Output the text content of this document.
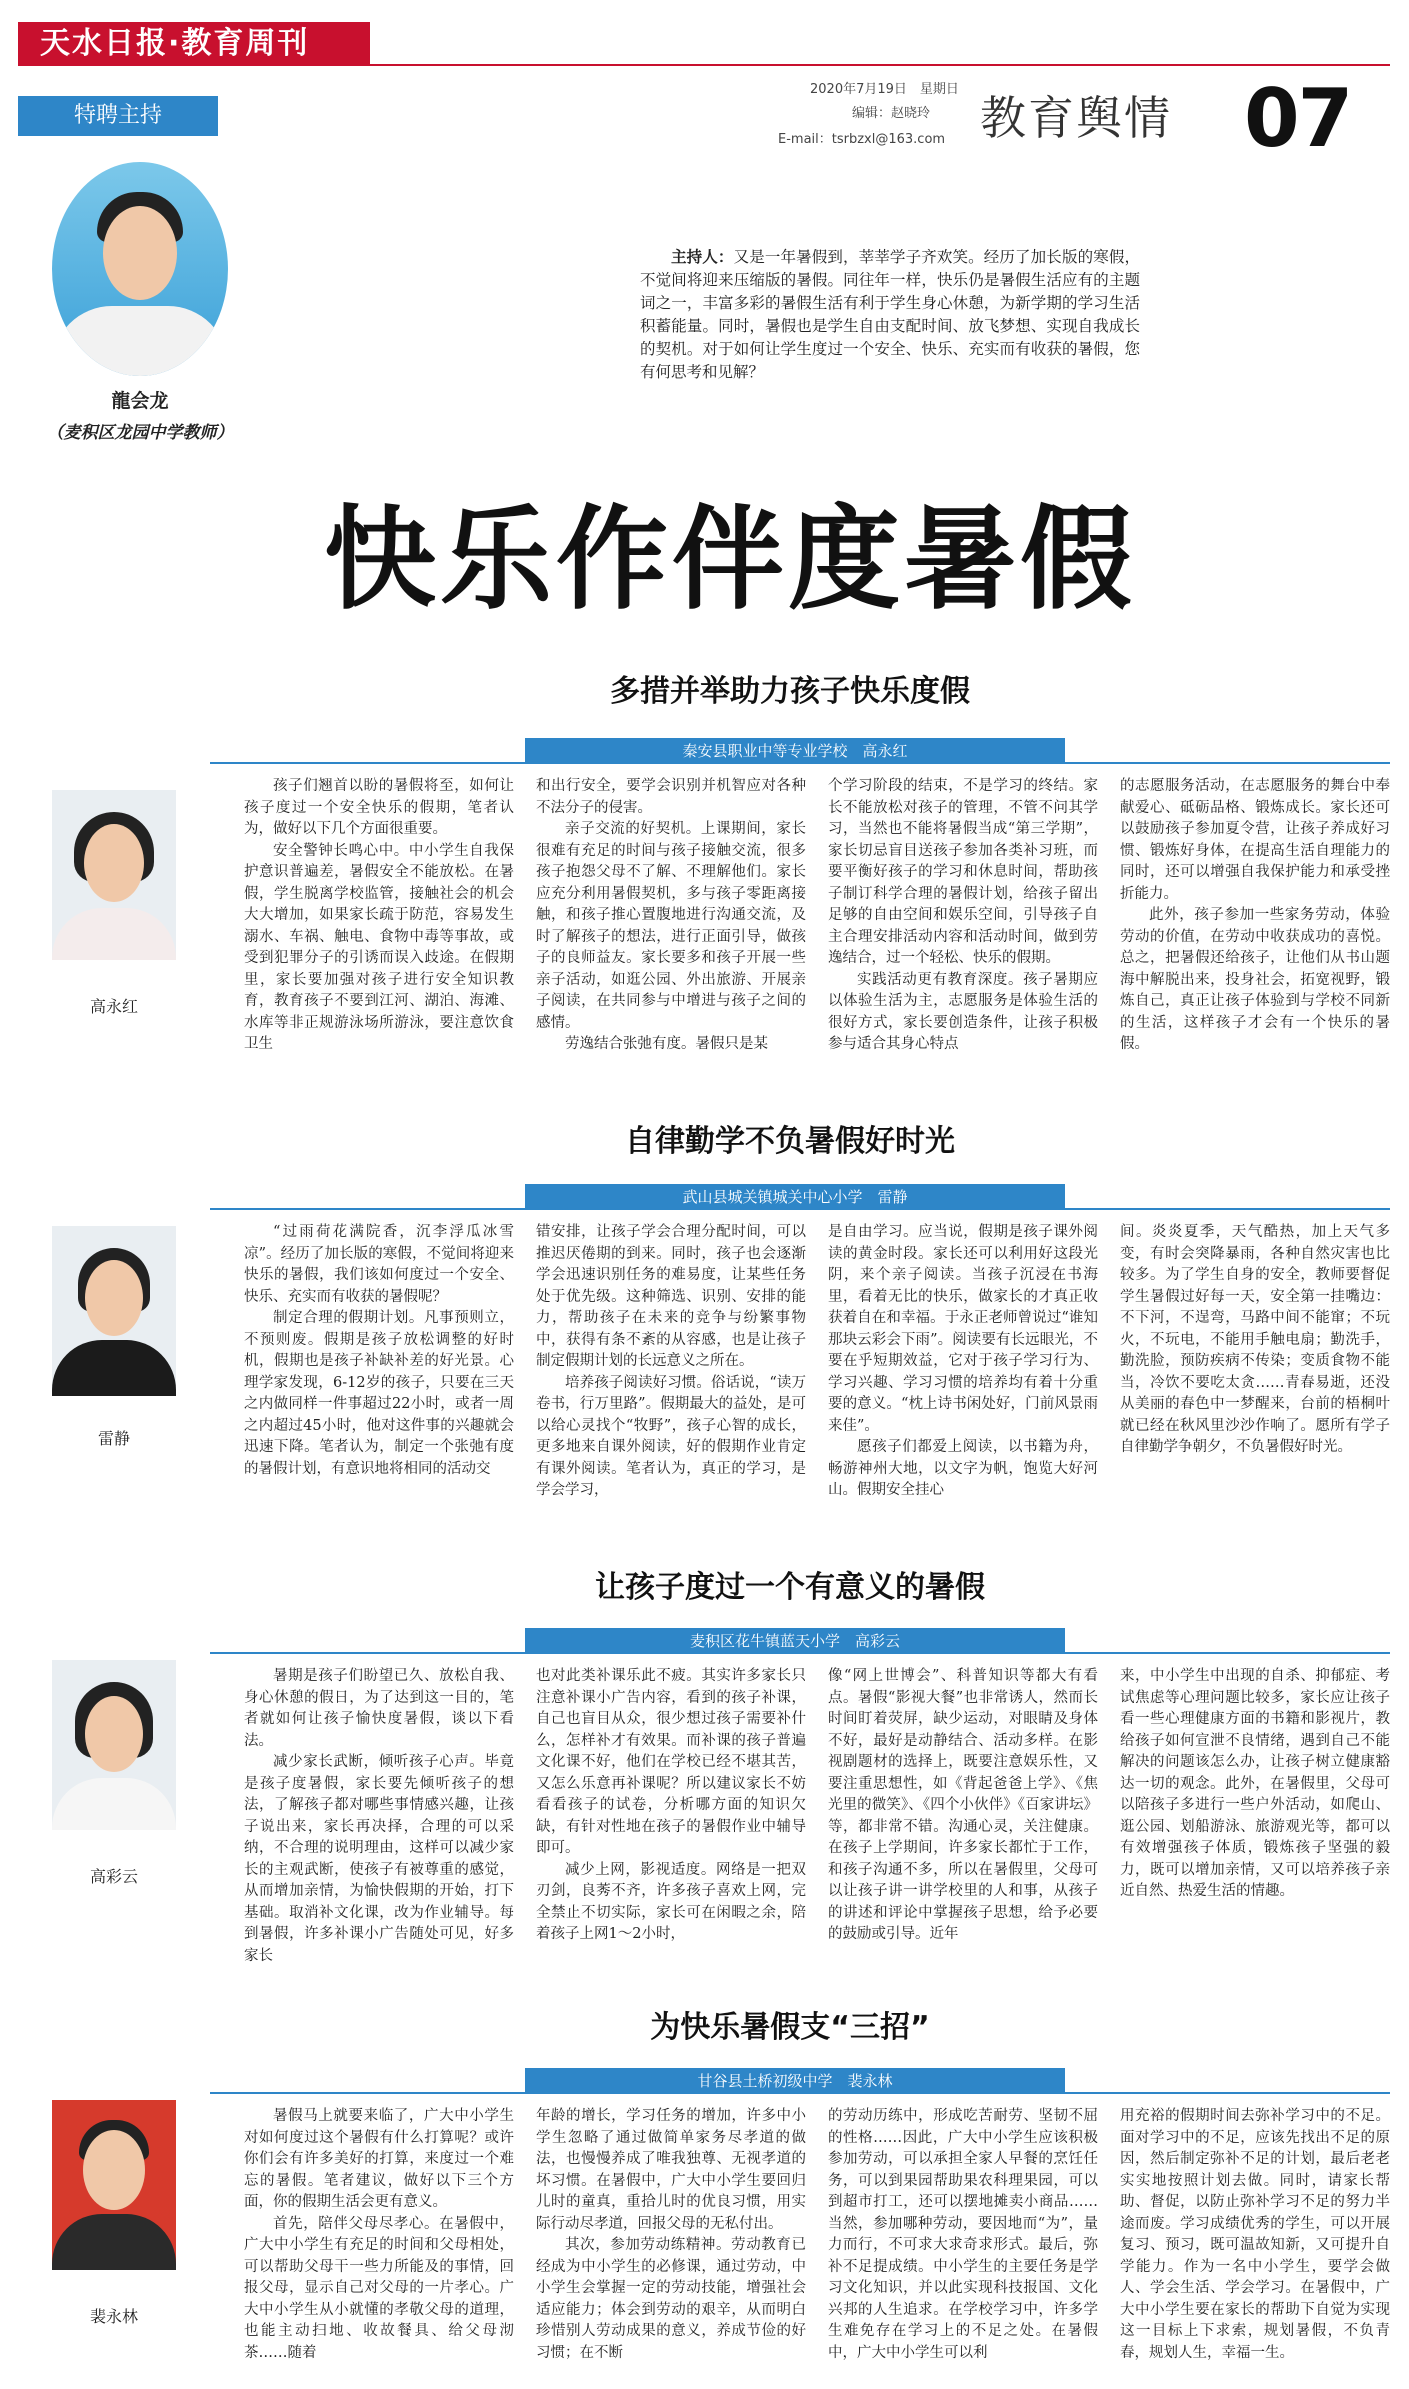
天水日报·教育周刊
2020年7月19日　星期日
编辑：赵晓玲
E-mail：tsrbzxl@163.com 教育舆情 07
特聘主持
龍会龙
（麦积区龙园中学教师）
主持人：又是一年暑假到，莘莘学子齐欢笑。经历了加长版的寒假，不觉间将迎来压缩版的暑假。同往年一样，快乐仍是暑假生活应有的主题词之一，丰富多彩的暑假生活有利于学生身心休憩，为新学期的学习生活积蓄能量。同时，暑假也是学生自由支配时间、放飞梦想、实现自我成长的契机。对于如何让学生度过一个安全、快乐、充实而有收获的暑假，您有何思考和见解？
快乐作伴度暑假
多措并举助力孩子快乐度假
秦安县职业中等专业学校　高永红
高永红

孩子们翘首以盼的暑假将至，如何让孩子度过一个安全快乐的假期，笔者认为，做好以下几个方面很重要。

安全警钟长鸣心中。中小学生自我保护意识普遍差，暑假安全不能放松。在暑假，学生脱离学校监管，接触社会的机会大大增加，如果家长疏于防范，容易发生溺水、车祸、触电、食物中毒等事故，或受到犯罪分子的引诱而误入歧途。在假期里，家长要加强对孩子进行安全知识教育，教育孩子不要到江河、湖泊、海滩、水库等非正规游泳场所游泳，要注意饮食卫生

和出行安全，要学会识别并机智应对各种不法分子的侵害。

亲子交流的好契机。上课期间，家长很难有充足的时间与孩子接触交流，很多孩子抱怨父母不了解、不理解他们。家长应充分利用暑假契机，多与孩子零距离接触，和孩子推心置腹地进行沟通交流，及时了解孩子的想法，进行正面引导，做孩子的良师益友。家长要多和孩子开展一些亲子活动，如逛公园、外出旅游、开展亲子阅读，在共同参与中增进与孩子之间的感情。

劳逸结合张弛有度。暑假只是某

个学习阶段的结束，不是学习的终结。家长不能放松对孩子的管理，不管不问其学习，当然也不能将暑假当成“第三学期”，家长切忌盲目送孩子参加各类补习班，而要平衡好孩子的学习和休息时间，帮助孩子制订科学合理的暑假计划，给孩子留出足够的自由空间和娱乐空间，引导孩子自主合理安排活动内容和活动时间，做到劳逸结合，过一个轻松、快乐的假期。

实践活动更有教育深度。孩子暑期应以体验生活为主，志愿服务是体验生活的很好方式，家长要创造条件，让孩子积极参与适合其身心特点

的志愿服务活动，在志愿服务的舞台中奉献爱心、砥砺品格、锻炼成长。家长还可以鼓励孩子参加夏令营，让孩子养成好习惯、锻炼好身体，在提高生活自理能力的同时，还可以增强自我保护能力和承受挫折能力。

此外，孩子参加一些家务劳动，体验劳动的价值，在劳动中收获成功的喜悦。总之，把暑假还给孩子，让他们从书山题海中解脱出来，投身社会，拓宽视野，锻炼自己，真正让孩子体验到与学校不同新的生活，这样孩子才会有一个快乐的暑假。

自律勤学不负暑假好时光
武山县城关镇城关中心小学　雷静
雷静

“过雨荷花满院香，沉李浮瓜冰雪凉”。经历了加长版的寒假，不觉间将迎来快乐的暑假，我们该如何度过一个安全、快乐、充实而有收获的暑假呢？

制定合理的假期计划。凡事预则立，不预则废。假期是孩子放松调整的好时机，假期也是孩子补缺补差的好光景。心理学家发现，6-12岁的孩子，只要在三天之内做同样一件事超过22小时，或者一周之内超过45小时，他对这件事的兴趣就会迅速下降。笔者认为，制定一个张弛有度的暑假计划，有意识地将相同的活动交

错安排，让孩子学会合理分配时间，可以推迟厌倦期的到来。同时，孩子也会逐渐学会迅速识别任务的难易度，让某些任务处于优先级。这种筛选、识别、安排的能力，帮助孩子在未来的竞争与纷繁事物中，获得有条不紊的从容感，也是让孩子制定假期计划的长远意义之所在。

培养孩子阅读好习惯。俗话说，“读万卷书，行万里路”。假期最大的益处，是可以给心灵找个“牧野”，孩子心智的成长，更多地来自课外阅读，好的假期作业肯定有课外阅读。笔者认为，真正的学习，是学会学习，

是自由学习。应当说，假期是孩子课外阅读的黄金时段。家长还可以利用好这段光阴，来个亲子阅读。当孩子沉浸在书海里，看着无比的快乐，做家长的才真正收获着自在和幸福。于永正老师曾说过“谁知那块云彩会下雨”。阅读要有长远眼光，不要在乎短期效益，它对于孩子学习行为、学习兴趣、学习习惯的培养均有着十分重要的意义。“枕上诗书闲处好，门前风景雨来佳”。

愿孩子们都爱上阅读，以书籍为舟，畅游神州大地，以文字为帆，饱览大好河山。假期安全挂心

间。炎炎夏季，天气酷热，加上天气多变，有时会突降暴雨，各种自然灾害也比较多。为了学生自身的安全，教师要督促学生暑假过好每一天，安全第一挂嘴边：不下河，不逞弯，马路中间不能窜；不玩火，不玩电，不能用手触电扇；勤洗手，勤洗脸，预防疾病不传染；变质食物不能当，冷饮不要吃太贪……青春易逝，还没从美丽的春色中一梦醒来，台前的梧桐叶就已经在秋风里沙沙作响了。愿所有学子自律勤学争朝夕，不负暑假好时光。

让孩子度过一个有意义的暑假
麦积区花牛镇蓝天小学　高彩云
高彩云

暑期是孩子们盼望已久、放松自我、身心休憩的假日，为了达到这一目的，笔者就如何让孩子愉快度暑假，谈以下看法。

减少家长武断，倾听孩子心声。毕竟是孩子度暑假，家长要先倾听孩子的想法，了解孩子都对哪些事情感兴趣，让孩子说出来，家长再决择，合理的可以采纳，不合理的说明理由，这样可以减少家长的主观武断，使孩子有被尊重的感觉，从而增加亲情，为愉快假期的开始，打下基础。取消补文化课，改为作业辅导。每到暑假，许多补课小广告随处可见，好多家长

也对此类补课乐此不疲。其实许多家长只注意补课小广告内容，看到的孩子补课，自己也盲目从众，很少想过孩子需要补什么，怎样补才有效果。而补课的孩子普遍文化课不好，他们在学校已经不堪其苦，又怎么乐意再补课呢？所以建议家长不妨看看孩子的试卷，分析哪方面的知识欠缺，有针对性地在孩子的暑假作业中辅导即可。

减少上网，影视适度。网络是一把双刃剑，良莠不齐，许多孩子喜欢上网，完全禁止不切实际，家长可在闲暇之余，陪着孩子上网1～2小时，

像“网上世博会”、科普知识等都大有看点。暑假“影视大餐”也非常诱人，然而长时间盯着荧屏，缺少运动，对眼睛及身体不好，最好是动静结合、活动多样。在影视剧题材的选择上，既要注意娱乐性，又要注重思想性，如《背起爸爸上学》、《焦光里的微笑》、《四个小伙伴》《百家讲坛》等，都非常不错。沟通心灵，关注健康。在孩子上学期间，许多家长都忙于工作，和孩子沟通不多，所以在暑假里，父母可以让孩子讲一讲学校里的人和事，从孩子的讲述和评论中掌握孩子思想，给予必要的鼓励或引导。近年

来，中小学生中出现的自杀、抑郁症、考试焦虑等心理问题比较多，家长应让孩子看一些心理健康方面的书籍和影视片，教给孩子如何宣泄不良情绪，遇到自己不能解决的问题该怎么办，让孩子树立健康豁达一切的观念。此外，在暑假里，父母可以陪孩子多进行一些户外活动，如爬山、逛公园、划船游泳、旅游观光等，都可以有效增强孩子体质，锻炼孩子坚强的毅力，既可以增加亲情，又可以培养孩子亲近自然、热爱生活的情趣。

为快乐暑假支“三招”
甘谷县土桥初级中学　裴永林
裴永林

暑假马上就要来临了，广大中小学生对如何度过这个暑假有什么打算呢？或许你们会有许多美好的打算，来度过一个难忘的暑假。笔者建议，做好以下三个方面，你的假期生活会更有意义。

首先，陪伴父母尽孝心。在暑假中，广大中小学生有充足的时间和父母相处，可以帮助父母干一些力所能及的事情，回报父母，显示自己对父母的一片孝心。广大中小学生从小就懂的孝敬父母的道理，也能主动扫地、收故餐具、给父母沏茶……随着

年龄的增长，学习任务的增加，许多中小学生忽略了通过做简单家务尽孝道的做法，也慢慢养成了唯我独尊、无视孝道的坏习惯。在暑假中，广大中小学生要回归儿时的童真，重拾儿时的优良习惯，用实际行动尽孝道，回报父母的无私付出。

其次，参加劳动练精神。劳动教育已经成为中小学生的必修课，通过劳动，中小学生会掌握一定的劳动技能，增强社会适应能力；体会到劳动的艰辛，从而明白珍惜别人劳动成果的意义，养成节俭的好习惯；在不断

的劳动历练中，形成吃苦耐劳、坚韧不屈的性格……因此，广大中小学生应该积极参加劳动，可以承担全家人早餐的烹饪任务，可以到果园帮助果农科理果园，可以到超市打工，还可以摆地摊卖小商品……当然，参加哪种劳动，要因地而“为”，量力而行，不可求大求奇求形式。最后，弥补不足提成绩。中小学生的主要任务是学习文化知识，并以此实现科技报国、文化兴邦的人生追求。在学校学习中，许多学生难免存在学习上的不足之处。在暑假中，广大中小学生可以利

用充裕的假期时间去弥补学习中的不足。面对学习中的不足，应该先找出不足的原因，然后制定弥补不足的计划，最后老老实实地按照计划去做。同时，请家长帮助、督促，以防止弥补学习不足的努力半途而废。学习成绩优秀的学生，可以开展复习、预习，既可温故知新，又可提升自学能力。作为一名中小学生，要学会做人、学会生活、学会学习。在暑假中，广大中小学生要在家长的帮助下自觉为实现这一目标上下求索，规划暑假，不负青春，规划人生，幸福一生。
